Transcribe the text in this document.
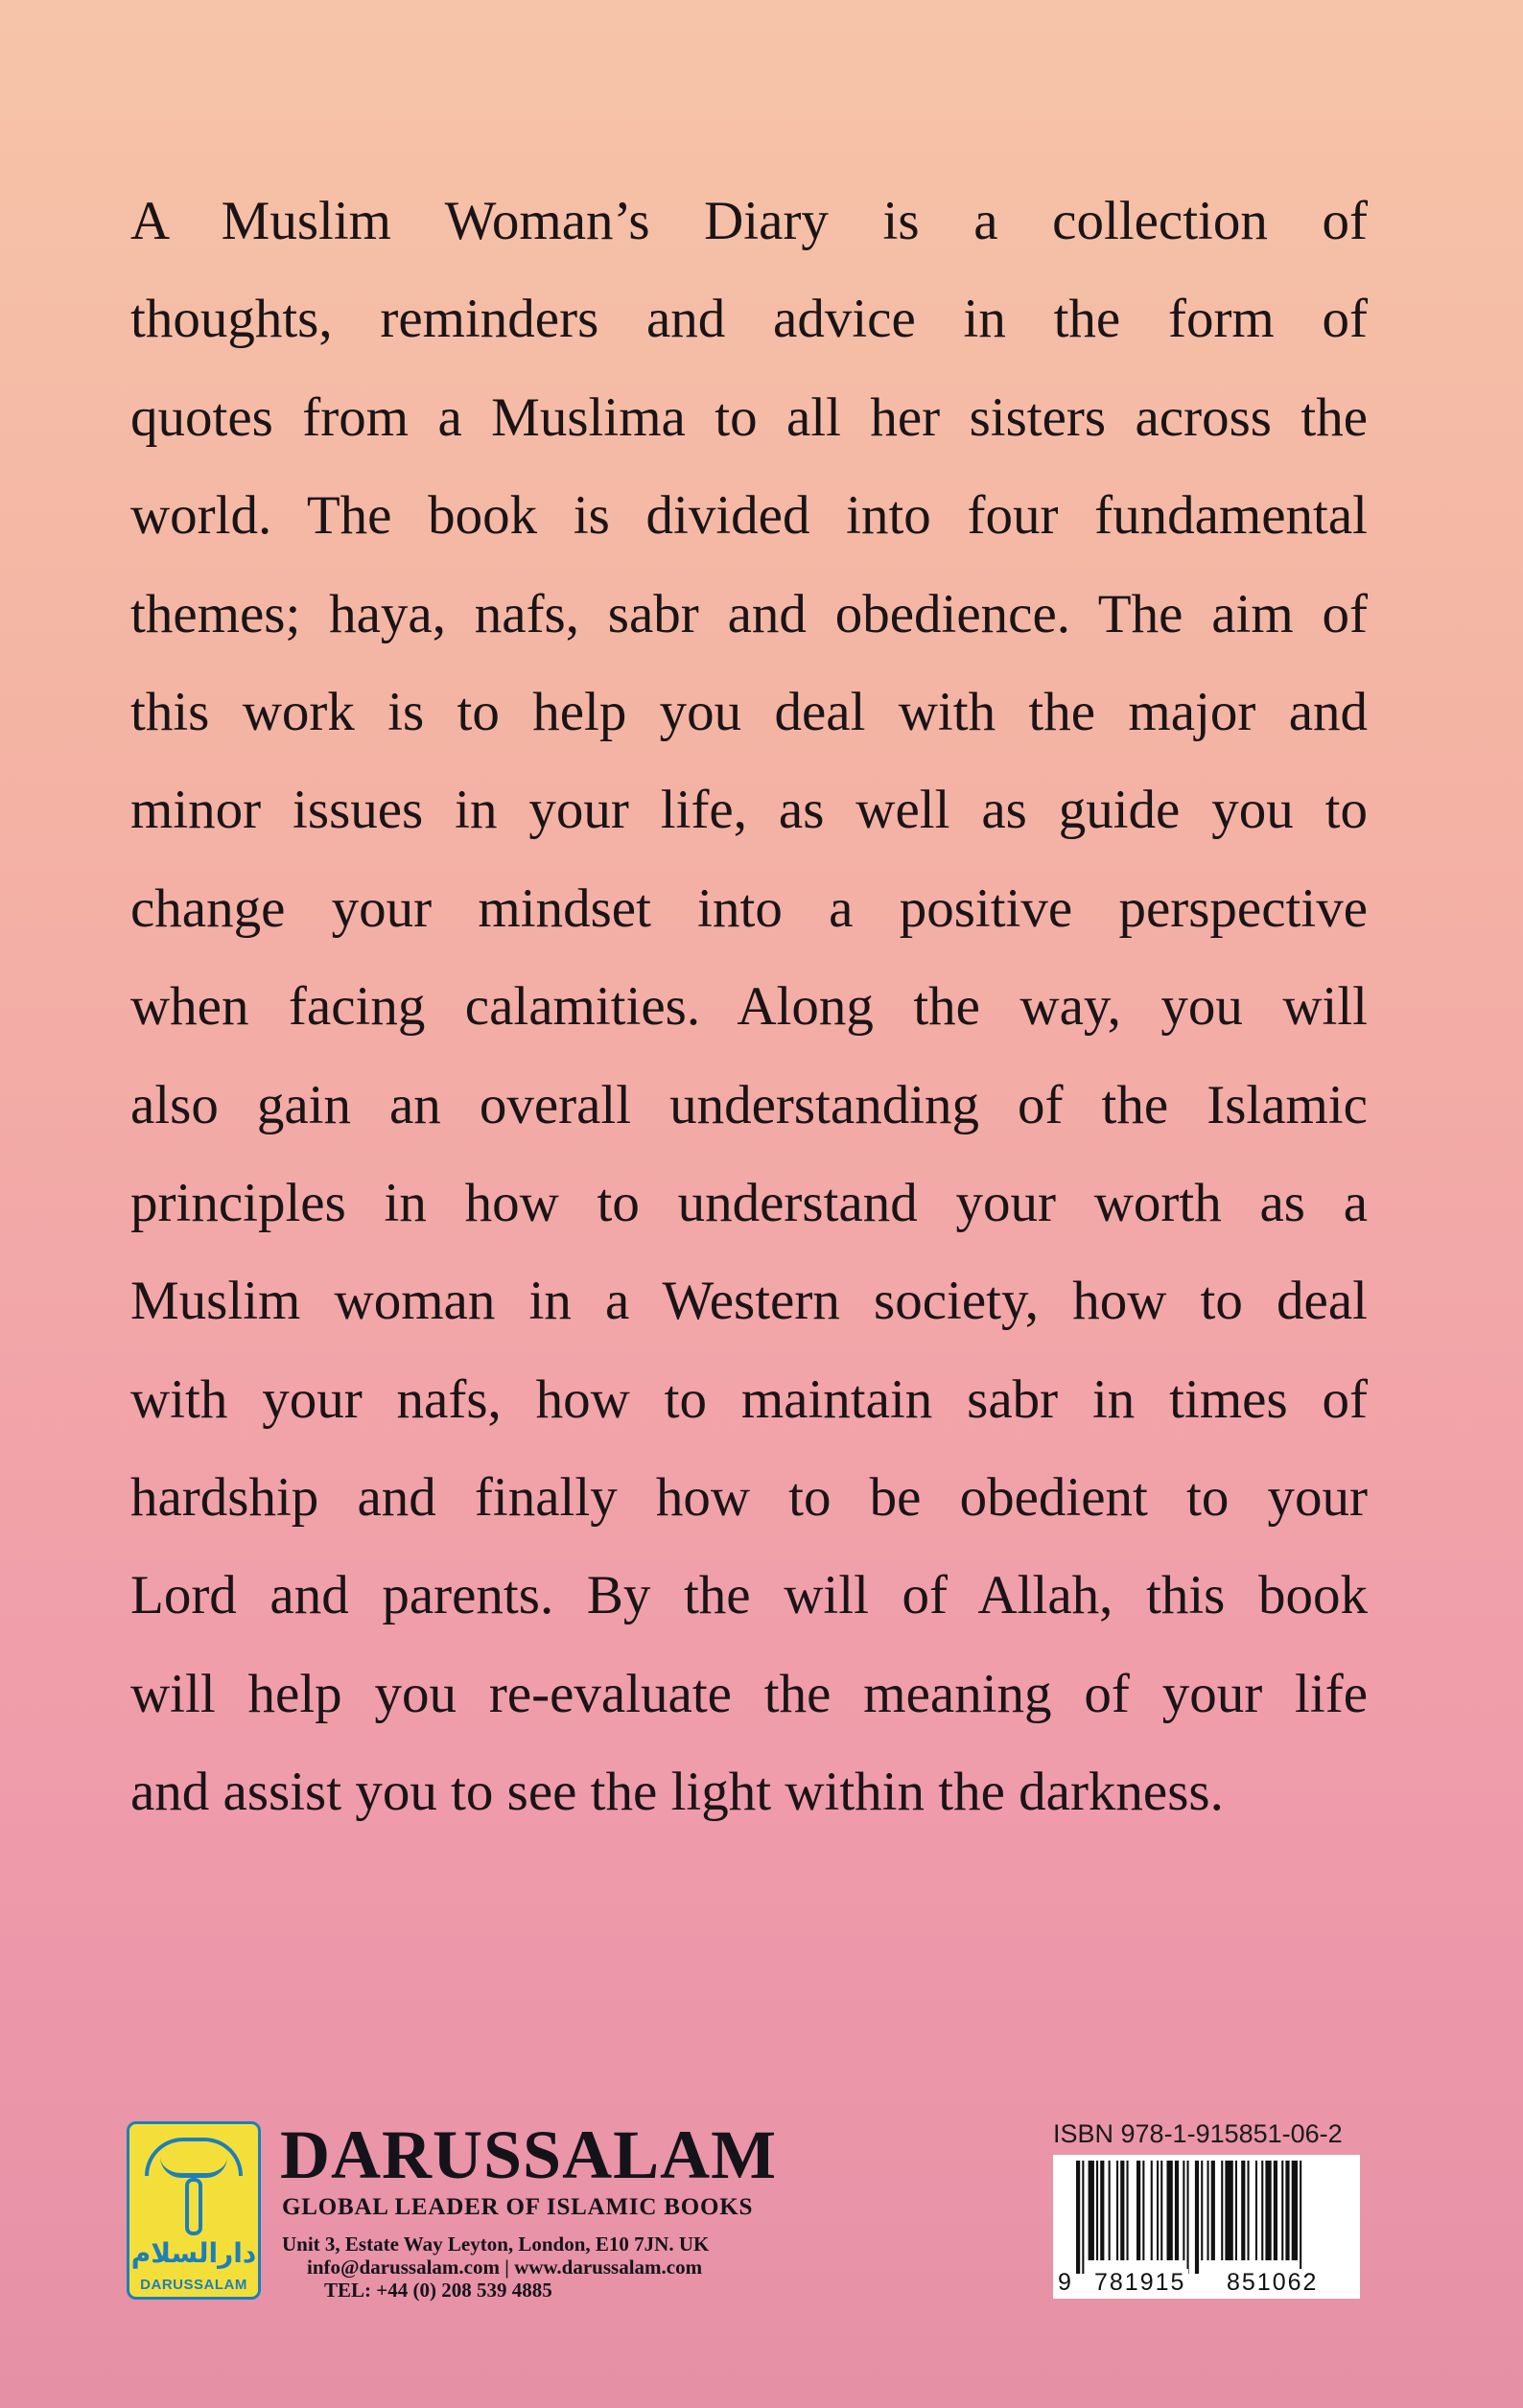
A Muslim Woman’s Diary is a collection of
thoughts, reminders and advice in the form of
quotes from a Muslima to all her sisters across the
world. The book is divided into four fundamental
themes; haya, nafs, sabr and obedience. The aim of
this work is to help you deal with the major and
minor issues in your life, as well as guide you to
change your mindset into a positive perspective
when facing calamities. Along the way, you will
also gain an overall understanding of the Islamic
principles in how to understand your worth as a
Muslim woman in a Western society, how to deal
with your nafs, how to maintain sabr in times of
hardship and finally how to be obedient to your
Lord and parents. By the will of Allah, this book
will help you re-evaluate the meaning of your life
and assist you to see the light within the darkness.
دارالسلام
DARUSSALAM
DARUSSALAM
GLOBAL LEADER OF ISLAMIC BOOKS
Unit 3, Estate Way Leyton, London, E10 7JN. UK
info@darussalam.com | www.darussalam.com
TEL: +44 (0) 208 539 4885
ISBN 978-1-915851-06-2
9 781915 851062
